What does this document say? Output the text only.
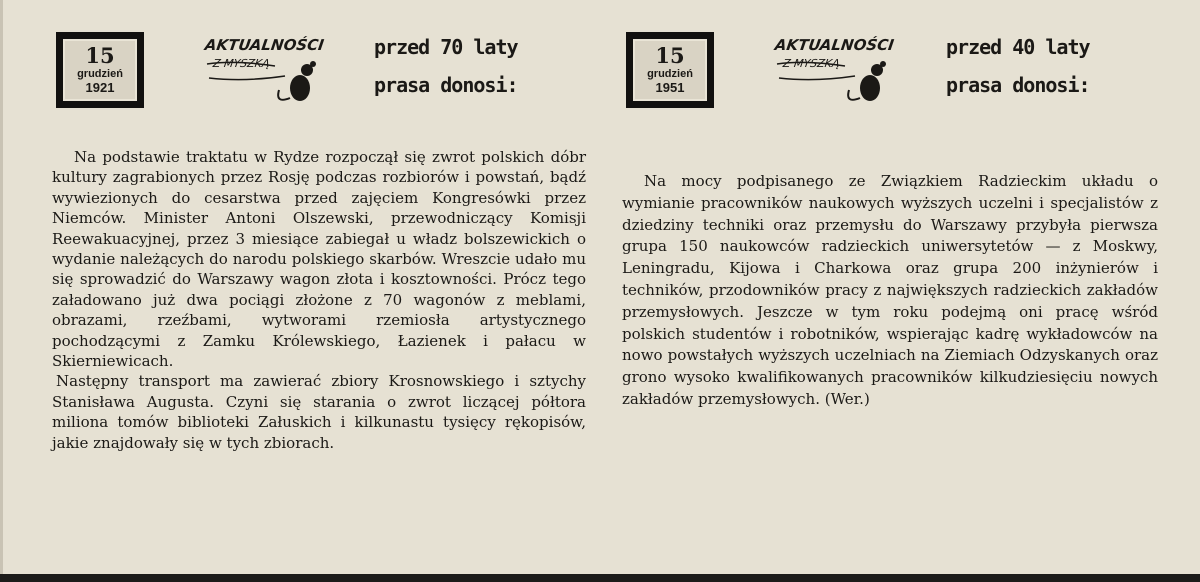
15
grudzień
1921
AKTUALNOŚCI
Z MYSZKĄ
przed 70 laty
prasa donosi:

Na podstawie traktatu w Rydze rozpoczął się zwrot polskich dóbr kultury zagrabionych przez Rosję podczas rozbiorów i powstań, bądź wywiezionych do cesarstwa przed zajęciem Kongresówki przez Niemców. Minister Antoni Olszewski, przewodniczący Komisji Reewakuacyjnej, przez 3 miesiące zabiegał u władz bolszewickich o wydanie należących do narodu polskiego skarbów. Wreszcie udało mu się sprowadzić do Warszawy wagon złota i kosztowności. Prócz tego załadowano już dwa pociągi złożone z 70 wagonów z meblami, obrazami, rzeźbami, wytworami rzemiosła artystycznego pochodzącymi z Zamku Królewskiego, Łazienek i pałacu w Skierniewicach.

Następny transport ma zawierać zbiory Krosnowskiego i sztychy Stanisława Augusta. Czyni się starania o zwrot liczącej półtora miliona tomów biblioteki Załuskich i kilkunastu tysięcy rękopisów, jakie znajdowały się w tych zbiorach.

15
grudzień
1951
AKTUALNOŚCI
Z MYSZKĄ
przed 40 laty
prasa donosi:

Na mocy podpisanego ze Związkiem Radzieckim układu o wymianie pracowników naukowych wyższych uczelni i specjalistów z dziedziny techniki oraz przemysłu do Warszawy przybyła pierwsza grupa 150 naukowców radzieckich uniwersytetów — z Moskwy, Leningradu, Kijowa i Charkowa oraz grupa 200 inżynierów i techników, przodowników pracy z największych radzieckich zakładów przemysłowych. Jeszcze w tym roku podejmą oni pracę wśród polskich studentów i robotników, wspierając kadrę wykładowców na nowo powstałych wyższych uczelniach na Ziemiach Odzyskanych oraz grono wysoko kwalifikowanych pracowników kilkudziesięciu nowych zakładów przemysłowych. (Wer.)
